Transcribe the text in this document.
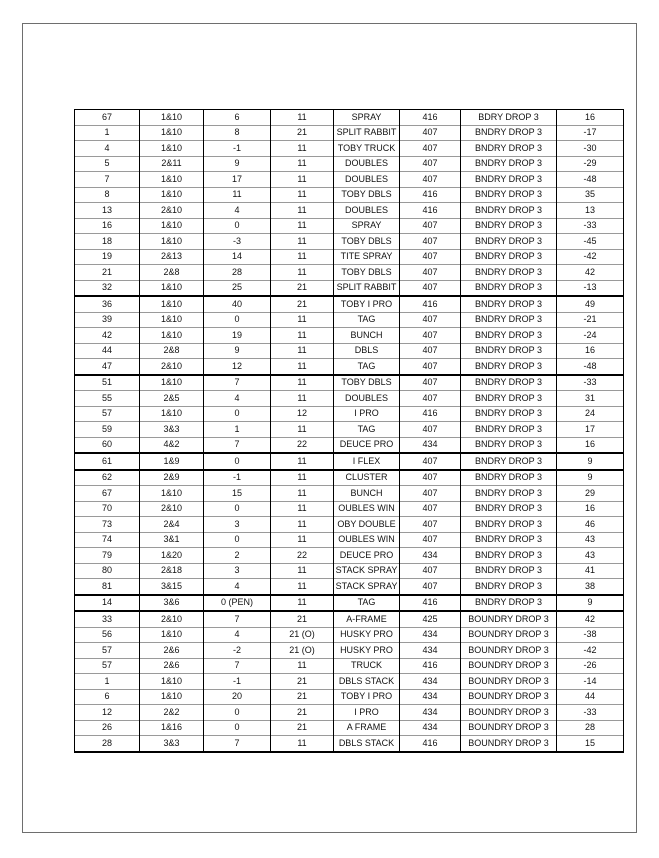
67	1&10	6	11	SPRAY	416	BDRY DROP 3	16
1	1&10	8	21	SPLIT RABBIT	407	BNDRY DROP 3	-17
4	1&10	-1	11	TOBY TRUCK	407	BNDRY DROP 3	-30
5	2&11	9	11	DOUBLES	407	BNDRY DROP 3	-29
7	1&10	17	11	DOUBLES	407	BNDRY DROP 3	-48
8	1&10	11	11	TOBY DBLS	416	BNDRY DROP 3	35
13	2&10	4	11	DOUBLES	416	BNDRY DROP 3	13
16	1&10	0	11	SPRAY	407	BNDRY DROP 3	-33
18	1&10	-3	11	TOBY DBLS	407	BNDRY DROP 3	-45
19	2&13	14	11	TITE SPRAY	407	BNDRY DROP 3	-42
21	2&8	28	11	TOBY DBLS	407	BNDRY DROP 3	42
32	1&10	25	21	SPLIT RABBIT	407	BNDRY DROP 3	-13
36	1&10	40	21	TOBY I PRO	416	BNDRY DROP 3	49
39	1&10	0	11	TAG	407	BNDRY DROP 3	-21
42	1&10	19	11	BUNCH	407	BNDRY DROP 3	-24
44	2&8	9	11	DBLS	407	BNDRY DROP 3	16
47	2&10	12	11	TAG	407	BNDRY DROP 3	-48
51	1&10	7	11	TOBY DBLS	407	BNDRY DROP 3	-33
55	2&5	4	11	DOUBLES	407	BNDRY DROP 3	31
57	1&10	0	12	I PRO	416	BNDRY DROP 3	24
59	3&3	1	11	TAG	407	BNDRY DROP 3	17
60	4&2	7	22	DEUCE PRO	434	BNDRY DROP 3	16
61	1&9	0	11	I FLEX	407	BNDRY DROP 3	9
62	2&9	-1	11	CLUSTER	407	BNDRY DROP 3	9
67	1&10	15	11	BUNCH	407	BNDRY DROP 3	29
70	2&10	0	11	OUBLES WIN	407	BNDRY DROP 3	16
73	2&4	3	11	OBY DOUBLE	407	BNDRY DROP 3	46
74	3&1	0	11	OUBLES WIN	407	BNDRY DROP 3	43
79	1&20	2	22	DEUCE PRO	434	BNDRY DROP 3	43
80	2&18	3	11	STACK SPRAY	407	BNDRY DROP 3	41
81	3&15	4	11	STACK SPRAY	407	BNDRY DROP 3	38
14	3&6	0 (PEN)	11	TAG	416	BNDRY DROP 3	9
33	2&10	7	21	A-FRAME	425	BOUNDRY DROP 3	42
56	1&10	4	21 (O)	HUSKY PRO	434	BOUNDRY DROP 3	-38
57	2&6	-2	21 (O)	HUSKY PRO	434	BOUNDRY DROP 3	-42
57	2&6	7	11	TRUCK	416	BOUNDRY DROP 3	-26
1	1&10	-1	21	DBLS STACK	434	BOUNDRY DROP 3	-14
6	1&10	20	21	TOBY I PRO	434	BOUNDRY DROP 3	44
12	2&2	0	21	I PRO	434	BOUNDRY DROP 3	-33
26	1&16	0	21	A FRAME	434	BOUNDRY DROP 3	28
28	3&3	7	11	DBLS STACK	416	BOUNDRY DROP 3	15
